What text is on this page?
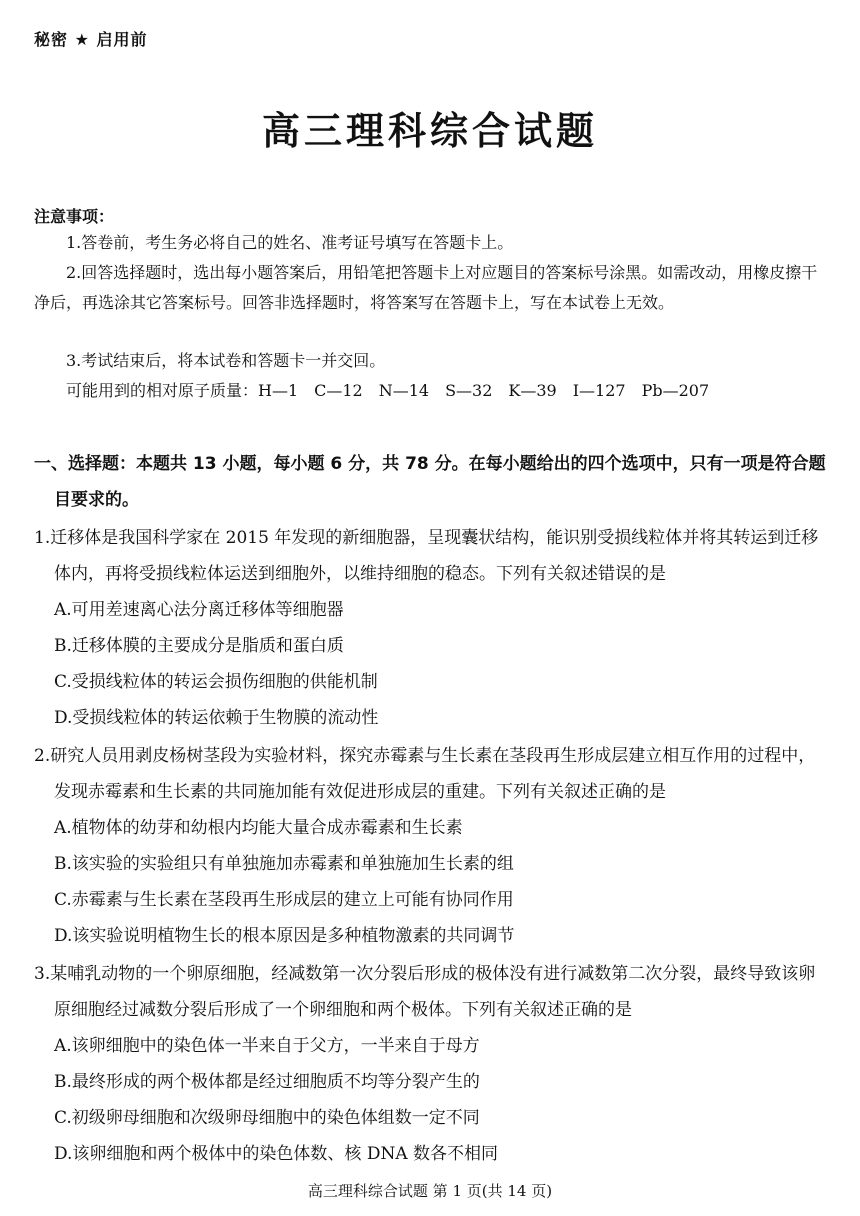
秘密 ★ 启用前
高三理科综合试题
注意事项：
1.答卷前，考生务必将自己的姓名、准考证号填写在答题卡上。
2.回答选择题时，选出每小题答案后，用铅笔把答题卡上对应题目的答案标号涂黑。如需改动，用橡皮擦干净后，再选涂其它答案标号。回答非选择题时，将答案写在答题卡上，写在本试卷上无效。
3.考试结束后，将本试卷和答题卡一并交回。
可能用到的相对原子质量：H—1　C—12　N—14　S—32　K—39　I—127　Pb—207
一、选择题：本题共 13 小题，每小题 6 分，共 78 分。在每小题给出的四个选项中，只有一项是符合题目要求的。
1.迁移体是我国科学家在 2015 年发现的新细胞器，呈现囊状结构，能识别受损线粒体并将其转运到迁移体内，再将受损线粒体运送到细胞外，以维持细胞的稳态。下列有关叙述错误的是
A.可用差速离心法分离迁移体等细胞器
B.迁移体膜的主要成分是脂质和蛋白质
C.受损线粒体的转运会损伤细胞的供能机制
D.受损线粒体的转运依赖于生物膜的流动性
2.研究人员用剥皮杨树茎段为实验材料，探究赤霉素与生长素在茎段再生形成层建立相互作用的过程中，发现赤霉素和生长素的共同施加能有效促进形成层的重建。下列有关叙述正确的是
A.植物体的幼芽和幼根内均能大量合成赤霉素和生长素
B.该实验的实验组只有单独施加赤霉素和单独施加生长素的组
C.赤霉素与生长素在茎段再生形成层的建立上可能有协同作用
D.该实验说明植物生长的根本原因是多种植物激素的共同调节
3.某哺乳动物的一个卵原细胞，经减数第一次分裂后形成的极体没有进行减数第二次分裂，最终导致该卵原细胞经过减数分裂后形成了一个卵细胞和两个极体。下列有关叙述正确的是
A.该卵细胞中的染色体一半来自于父方，一半来自于母方
B.最终形成的两个极体都是经过细胞质不均等分裂产生的
C.初级卵母细胞和次级卵母细胞中的染色体组数一定不同
D.该卵细胞和两个极体中的染色体数、核 DNA 数各不相同
高三理科综合试题 第 1 页(共 14 页)
